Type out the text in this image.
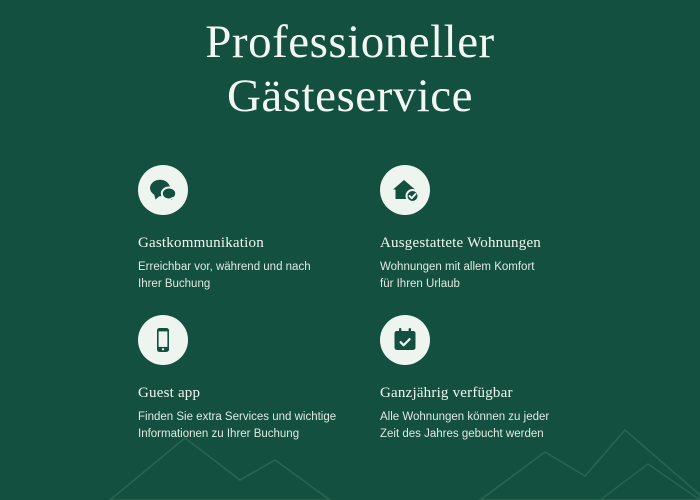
Professioneller
Gästeservice
Gastkommunikation
Erreichbar vor, während und nach
Ihrer Buchung
Ausgestattete Wohnungen
Wohnungen mit allem Komfort
für Ihren Urlaub
Guest app
Finden Sie extra Services und wichtige
Informationen zu Ihrer Buchung
Ganzjährig verfügbar
Alle Wohnungen können zu jeder
Zeit des Jahres gebucht werden
